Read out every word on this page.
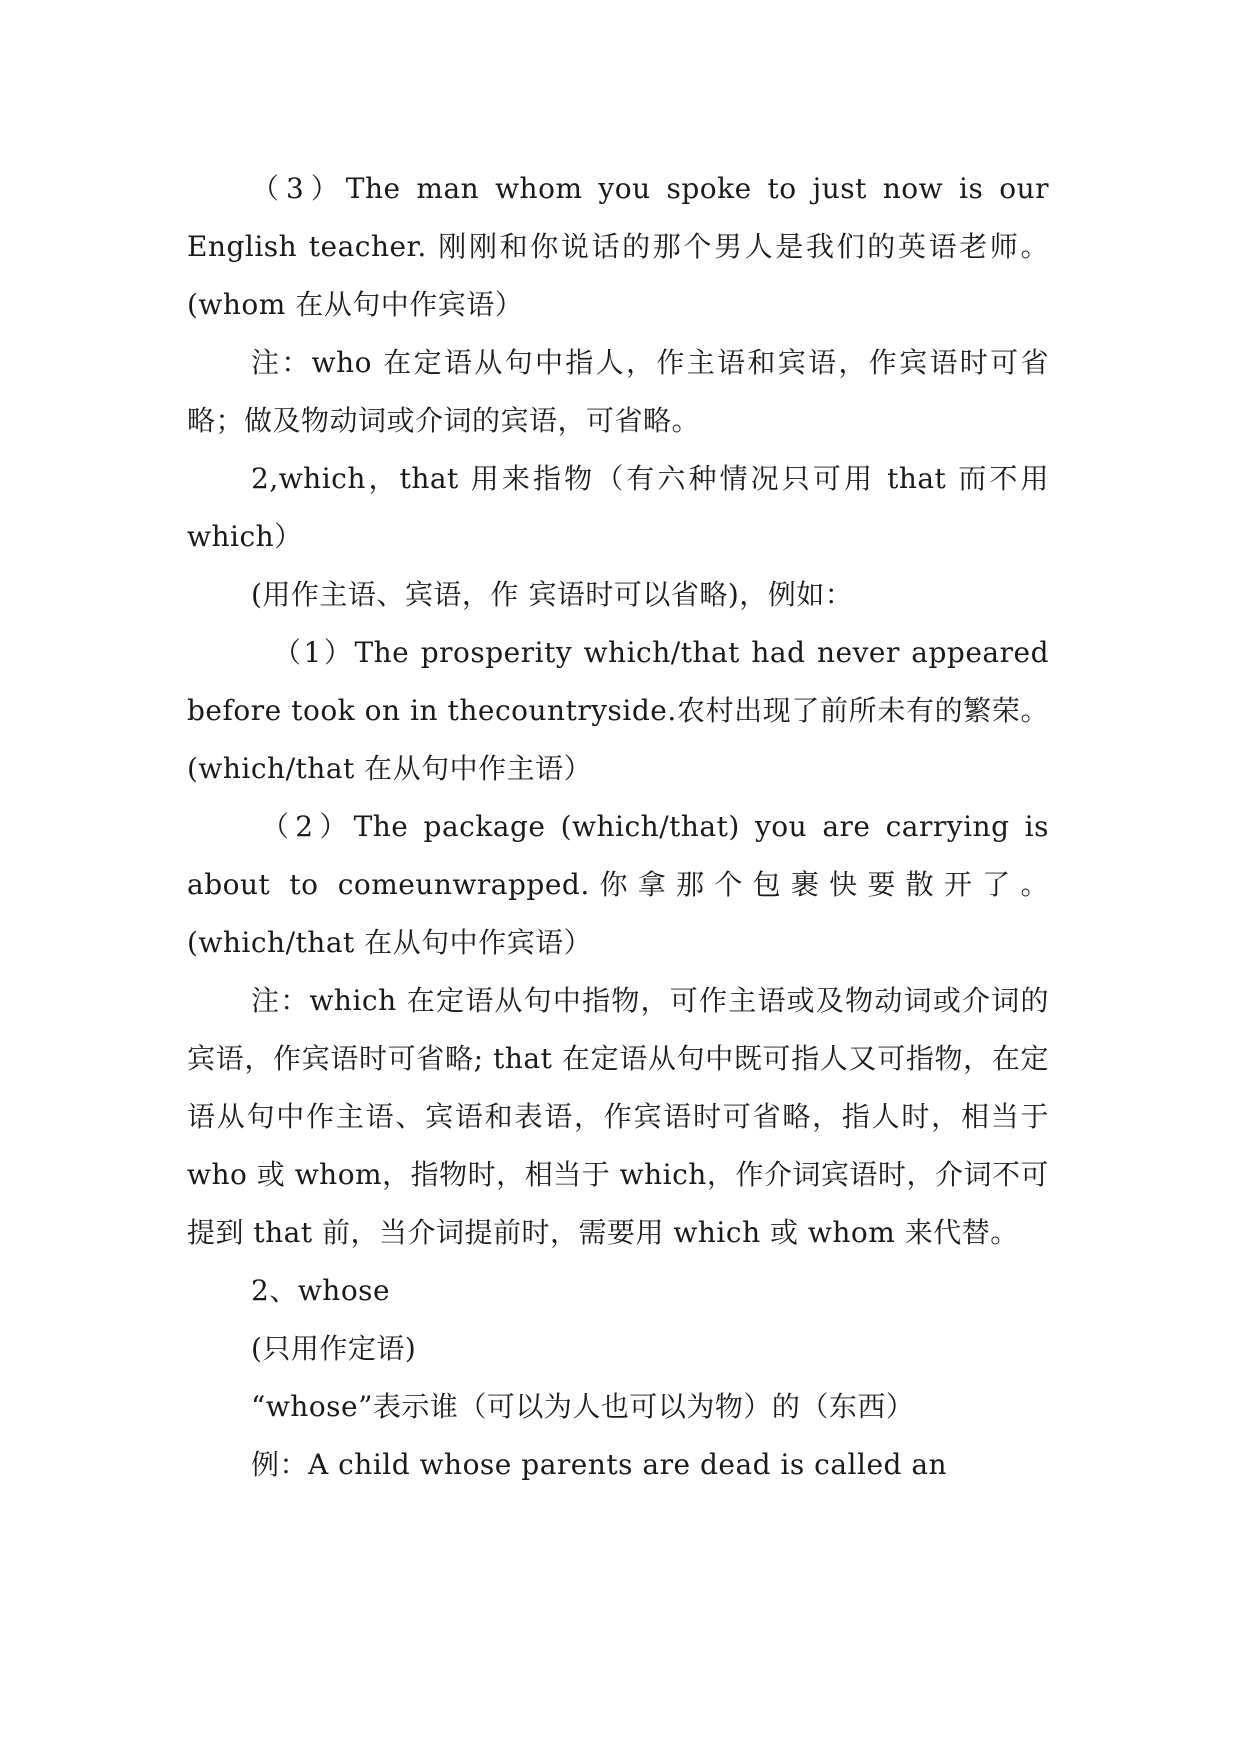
（3）The man whom you spoke to just now is our English teacher. 刚刚和你说话的那个男人是我们的英语老师。(whom 在从句中作宾语）

注：who 在定语从句中指人，作主语和宾语，作宾语时可省略；做及物动词或介词的宾语，可省略。

2,which，that 用来指物（有六种情况只可用 that 而不用 which）

(用作主语、宾语，作 宾语时可以省略)，例如：

（1）The prosperity which/that had never appeared before took on in thecountryside.农村出现了前所未有的繁荣。(which/that 在从句中作主语）

（2）The package (which/that) you are carrying is about to comeunwrapped.你拿那个包裹快要散开了。(which/that 在从句中作宾语）

注：which 在定语从句中指物，可作主语或及物动词或介词的宾语，作宾语时可省略; that 在定语从句中既可指人又可指物，在定语从句中作主语、宾语和表语，作宾语时可省略，指人时，相当于 who 或 whom，指物时，相当于 which，作介词宾语时，介词不可提到 that 前，当介词提前时，需要用 which 或 whom 来代替。

2、whose

(只用作定语)

“whose”表示谁（可以为人也可以为物）的（东西）

例：A child whose parents are dead is called an
